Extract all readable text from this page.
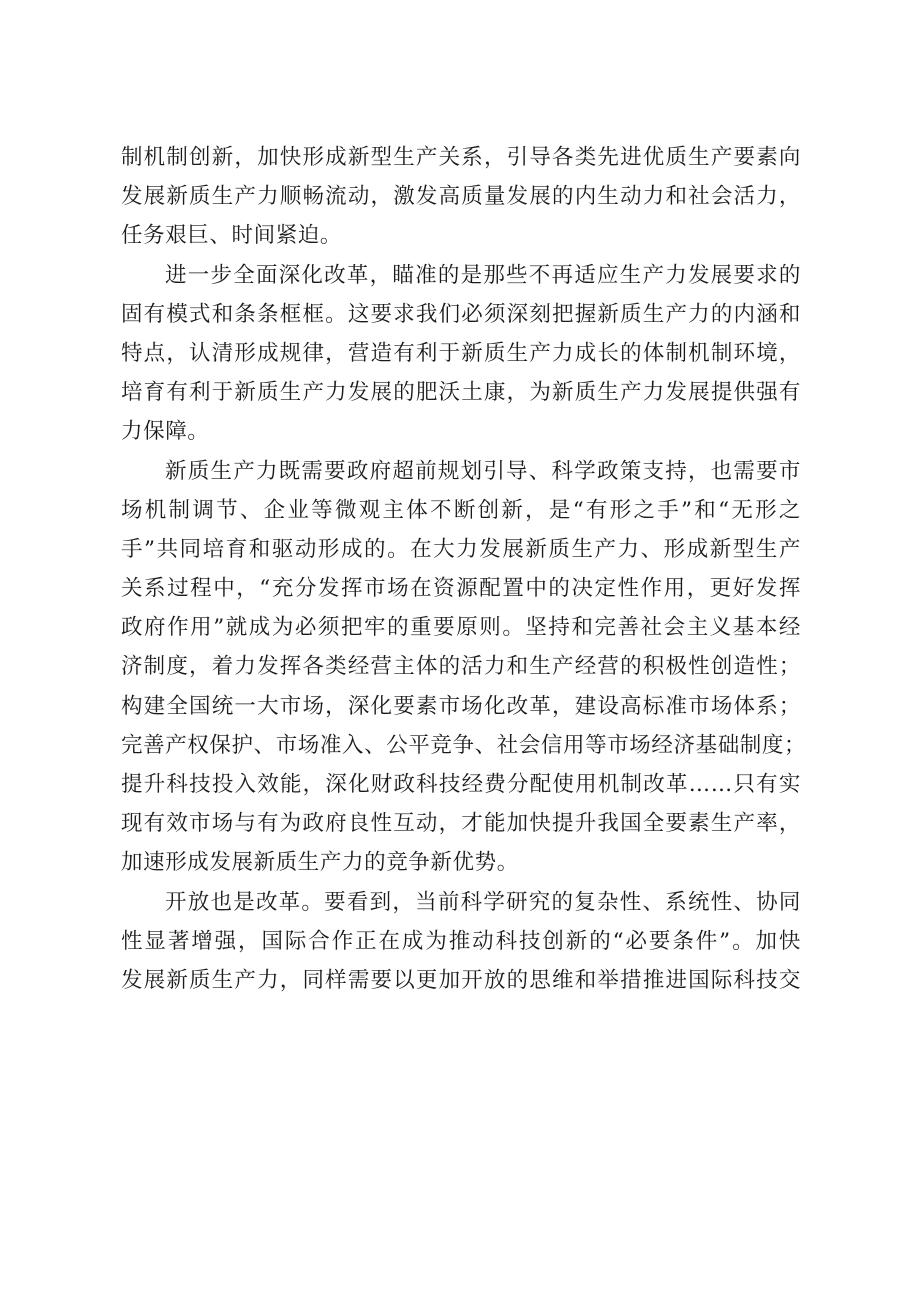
制机制创新，加快形成新型生产关系，引导各类先进优质生产要素向
发展新质生产力顺畅流动，激发高质量发展的内生动力和社会活力，
任务艰巨、时间紧迫。
进一步全面深化改革，瞄准的是那些不再适应生产力发展要求的
固有模式和条条框框。这要求我们必须深刻把握新质生产力的内涵和
特点，认清形成规律，营造有利于新质生产力成长的体制机制环境，
培育有利于新质生产力发展的肥沃土康，为新质生产力发展提供强有
力保障。
新质生产力既需要政府超前规划引导、科学政策支持，也需要市
场机制调节、企业等微观主体不断创新，是“有形之手”和“无形之
手”共同培育和驱动形成的。在大力发展新质生产力、形成新型生产
关系过程中，“充分发挥市场在资源配置中的决定性作用，更好发挥
政府作用”就成为必须把牢的重要原则。坚持和完善社会主义基本经
济制度，着力发挥各类经营主体的活力和生产经营的积极性创造性；
构建全国统一大市场，深化要素市场化改革，建设高标准市场体系；
完善产权保护、市场准入、公平竞争、社会信用等市场经济基础制度；
提升科技投入效能，深化财政科技经费分配使用机制改革……只有实
现有效市场与有为政府良性互动，才能加快提升我国全要素生产率，
加速形成发展新质生产力的竞争新优势。
开放也是改革。要看到，当前科学研究的复杂性、系统性、协同
性显著增强，国际合作正在成为推动科技创新的“必要条件”。加快
发展新质生产力，同样需要以更加开放的思维和举措推进国际科技交
